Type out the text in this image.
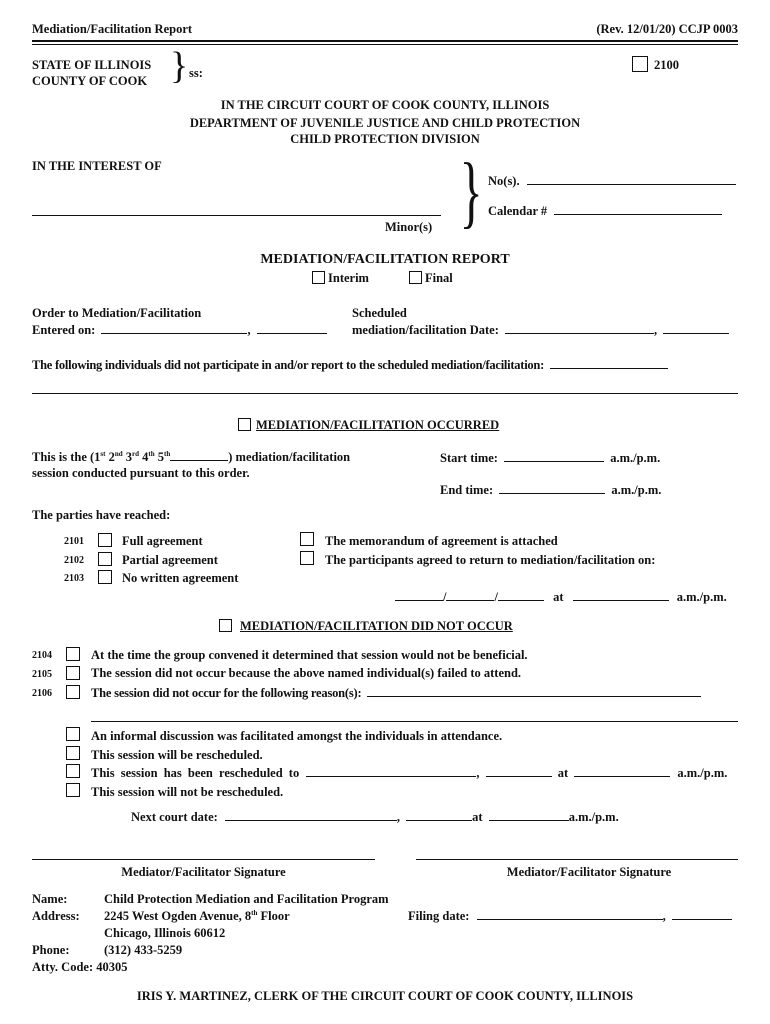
Mediation/Facilitation Report	(Rev. 12/01/20) CCJP 0003
STATE OF ILLINOIS
COUNTY OF COOK } ss:
2100
IN THE CIRCUIT COURT OF COOK COUNTY, ILLINOIS
DEPARTMENT OF JUVENILE JUSTICE AND CHILD PROTECTION
CHILD PROTECTION DIVISION
IN THE INTEREST OF
Minor(s) } No(s).
Calendar #
MEDIATION/FACILITATION REPORT
Interim	Final
Order to Mediation/Facilitation
Entered on:	,
Scheduled
mediation/facilitation Date:	,
The following individuals did not participate in and/or report to the scheduled mediation/facilitation:
MEDIATION/FACILITATION OCCURRED
This is the (1st 2nd 3rd 4th 5th	) mediation/facilitation
session conducted pursuant to this order.
Start time:	a.m./p.m.
End time:	a.m./p.m.
The parties have reached:
2101	Full agreement
2102	Partial agreement
2103	No written agreement
The memorandum of agreement is attached
The participants agreed to return to mediation/facilitation on:
/	/	at	a.m./p.m.
MEDIATION/FACILITATION DID NOT OCCUR
2104	At the time the group convened it determined that session would not be beneficial.
2105	The session did not occur because the above named individual(s) failed to attend.
2106	The session did not occur for the following reason(s):
An informal discussion was facilitated amongst the individuals in attendance.
This session will be rescheduled.
This session has been rescheduled to	,	at	a.m./p.m.
This session will not be rescheduled.
Next court date:	,	at	a.m./p.m.
Mediator/Facilitator Signature	Mediator/Facilitator Signature
Name:	Child Protection Mediation and Facilitation Program
Address: 2245 West Ogden Avenue, 8th Floor
Chicago, Illinois 60612
Phone:	(312) 433-5259
Atty. Code: 40305
Filing date:	,
IRIS Y. MARTINEZ, CLERK OF THE CIRCUIT COURT OF COOK COUNTY, ILLINOIS
